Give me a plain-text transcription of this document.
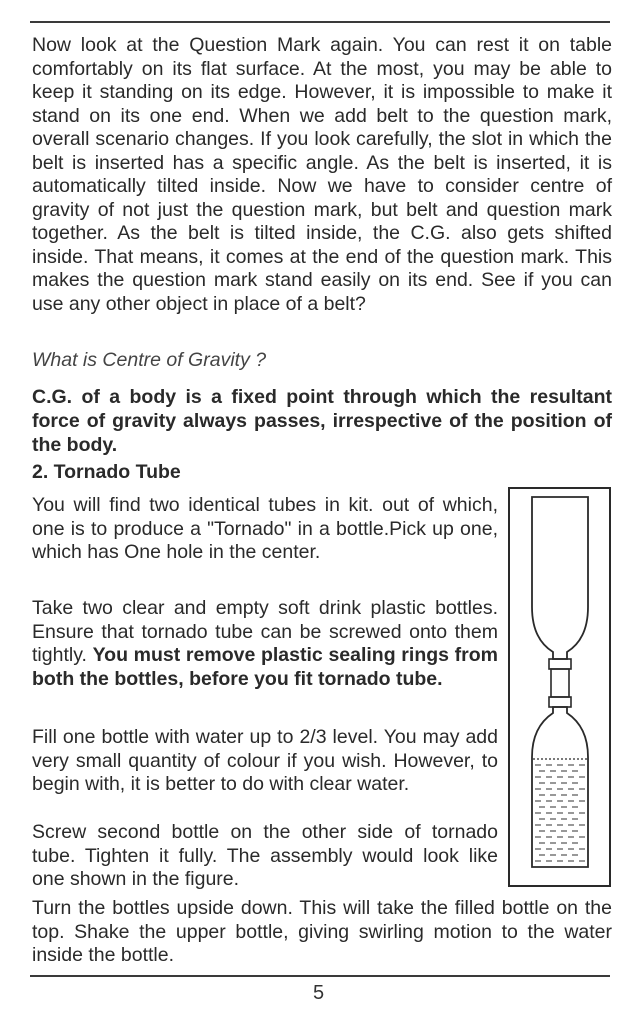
Now look at the Question Mark again. You can rest it on table comfortably on its flat surface. At the most, you may be able to keep it standing on its edge. However, it is impossible to make it stand on its one end. When we add belt to the question mark, overall scenario changes. If you look carefully, the slot in which the belt is inserted has a specific angle. As the belt is inserted, it is automatically tilted inside. Now we have to consider centre of gravity of not just the question mark, but belt and question mark together. As the belt is tilted inside, the C.G. also gets shifted inside. That means, it comes at the end of the question mark. This makes the question mark stand easily on its end. See if you can use any other object in place of a belt?

What is Centre of Gravity ?

C.G. of a body is a fixed point through which the resultant force of gravity always passes, irrespective of the position of the body.

2. Tornado Tube

You will find two identical tubes in kit. out of which, one is to produce a "Tornado" in a bottle.Pick up one, which has One hole in the center.

Take two clear and empty soft drink plastic bottles. Ensure that tornado tube can be screwed onto them tightly. You must remove plastic sealing rings from both the bottles, before you fit tornado tube.

Fill one bottle with water up to 2/3 level. You may add very small quantity of colour if you wish. However, to begin with, it is better to do with clear water.

Screw second bottle on the other side of tornado tube. Tighten it fully. The assembly would look like one shown in the figure.

Turn the bottles upside down. This will take the filled bottle on the top. Shake the upper bottle, giving swirling motion to the water inside the bottle.

5
